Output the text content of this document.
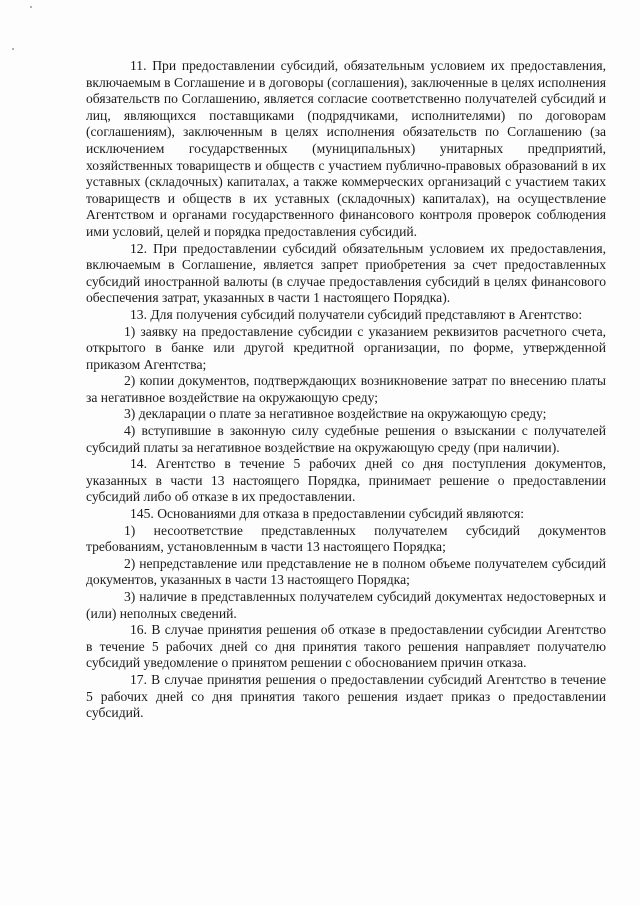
11. При предоставлении субсидий, обязательным условием их предоставления, включаемым в Соглашение и в договоры (соглашения), заключенные в целях исполнения обязательств по Соглашению, является согласие соответственно получателей субсидий и лиц, являющихся поставщиками (подрядчиками, исполнителями) по договорам (соглашениям), заключенным в целях исполнения обязательств по Соглашению (за исключением государственных (муниципальных) унитарных предприятий, хозяйственных товариществ и обществ с участием публично-правовых образований в их уставных (складочных) капиталах, а также коммерческих организаций с участием таких товариществ и обществ в их уставных (складочных) капиталах), на осуществление Агентством и органами государственного финансового контроля проверок соблюдения ими условий, целей и порядка предоставления субсидий.

12. При предоставлении субсидий обязательным условием их предоставления, включаемым в Соглашение, является запрет приобретения за счет предоставленных субсидий иностранной валюты (в случае предоставления субсидий в целях финансового обеспечения затрат, указанных в части 1 настоящего Порядка).

13. Для получения субсидий получатели субсидий представляют в Агентство:

1) заявку на предоставление субсидии с указанием реквизитов расчетного счета, открытого в банке или другой кредитной организации, по форме, утвержденной приказом Агентства;

2) копии документов, подтверждающих возникновение затрат по внесению платы за негативное воздействие на окружающую среду;

3) декларации о плате за негативное воздействие на окружающую среду;

4) вступившие в законную силу судебные решения о взыскании с получателей субсидий платы за негативное воздействие на окружающую среду (при наличии).

14. Агентство в течение 5 рабочих дней со дня поступления документов, указанных в части 13 настоящего Порядка, принимает решение о предоставлении субсидий либо об отказе в их предоставлении.

145. Основаниями для отказа в предоставлении субсидий являются:

1) несоответствие представленных получателем субсидий документов требованиям, установленным в части 13 настоящего Порядка;

2) непредставление или представление не в полном объеме получателем субсидий документов, указанных в части 13 настоящего Порядка;

3) наличие в представленных получателем субсидий документах недостоверных и (или) неполных сведений.

16. В случае принятия решения об отказе в предоставлении субсидии Агентство в течение 5 рабочих дней со дня принятия такого решения направляет получателю субсидий уведомление о принятом решении с обоснованием причин отказа.

17. В случае принятия решения о предоставлении субсидий Агентство в течение 5 рабочих дней со дня принятия такого решения издает приказ о предоставлении субсидий.
